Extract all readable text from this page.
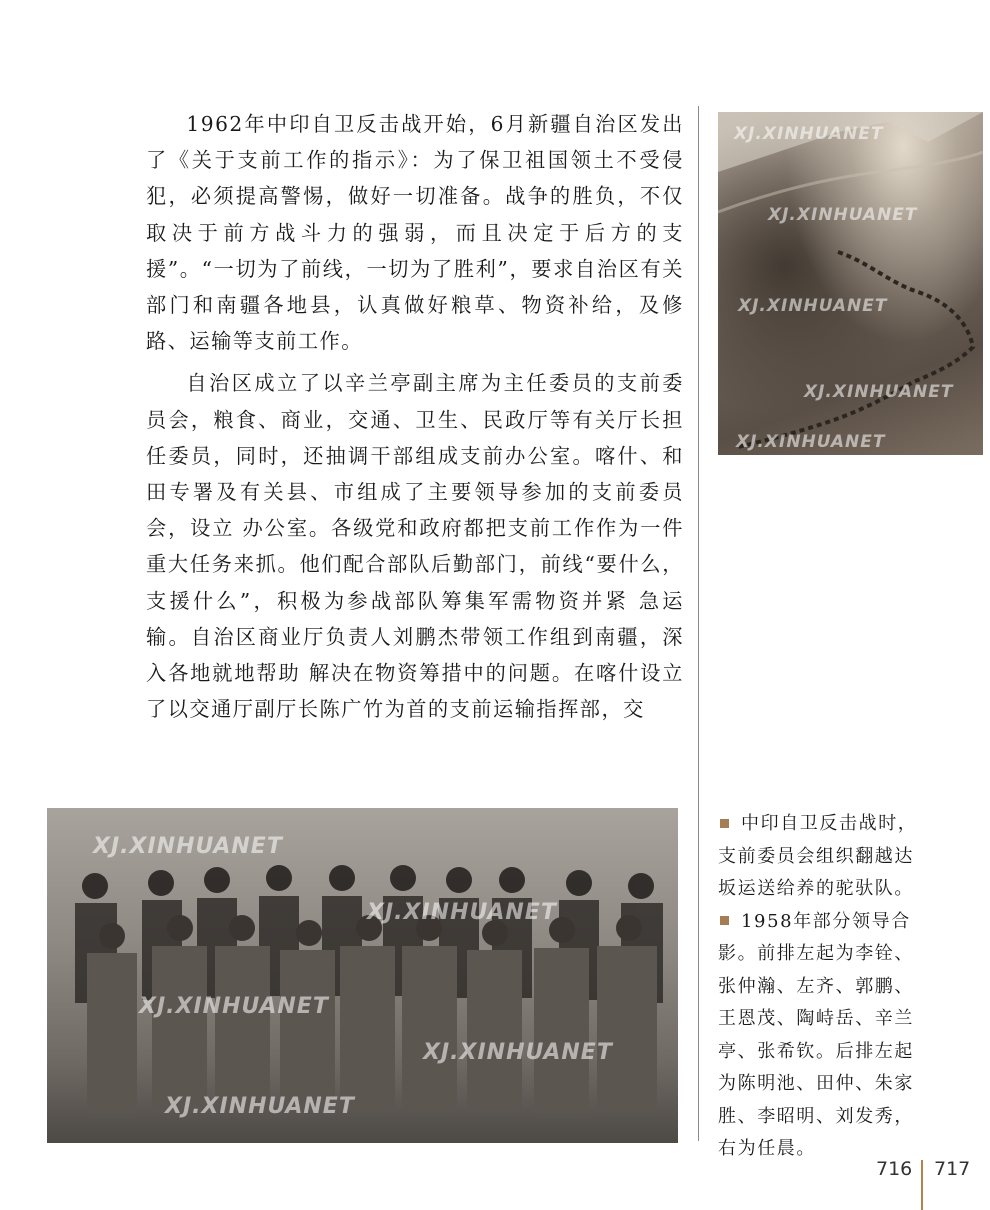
1962年中印自卫反击战开始，6月新疆自治区发出了《关于支前工作的指示》：为了保卫祖国领土不受侵犯，必须提高警惕，做好一切准备。战争的胜负，不仅取决于前方战斗力的强弱，而且决定于后方的支援”。“一切为了前线，一切为了胜利”，要求自治区有关部门和南疆各地县，认真做好粮草、物资补给，及修路、运输等支前工作。

自治区成立了以辛兰亭副主席为主任委员的支前委员会，粮食、商业，交通、卫生、民政厅等有关厅长担任委员，同时，还抽调干部组成支前办公室。喀什、和田专署及有关县、市组成了主要领导参加的支前委员会，设立 办公室。各级党和政府都把支前工作作为一件重大任务来抓。他们配合部队后勤部门，前线“要什么，支援什么”，积极为参战部队筹集军需物资并紧 急运输。自治区商业厅负责人刘鹏杰带领工作组到南疆，深入各地就地帮助 解决在物资筹措中的问题。在喀什设立了以交通厅副厅长陈广竹为首的支前运输指挥部，交

XJ.XINHUANET
XJ.XINHUANET
XJ.XINHUANET
XJ.XINHUANET
XJ.XINHUANET
XJ.XINHUANET
XJ.XINHUANET
XJ.XINHUANET
XJ.XINHUANET
XJ.XINHUANET
中印自卫反击战时，
支前委员会组织翻越达
坂运送给养的驼驮队。
1958年部分领导合
影。前排左起为李铨、
张仲瀚、左齐、郭鹏、
王恩茂、陶峙岳、辛兰
亭、张希钦。后排左起
为陈明池、田仲、朱家
胜、李昭明、刘发秀，
右为任晨。
716 717
